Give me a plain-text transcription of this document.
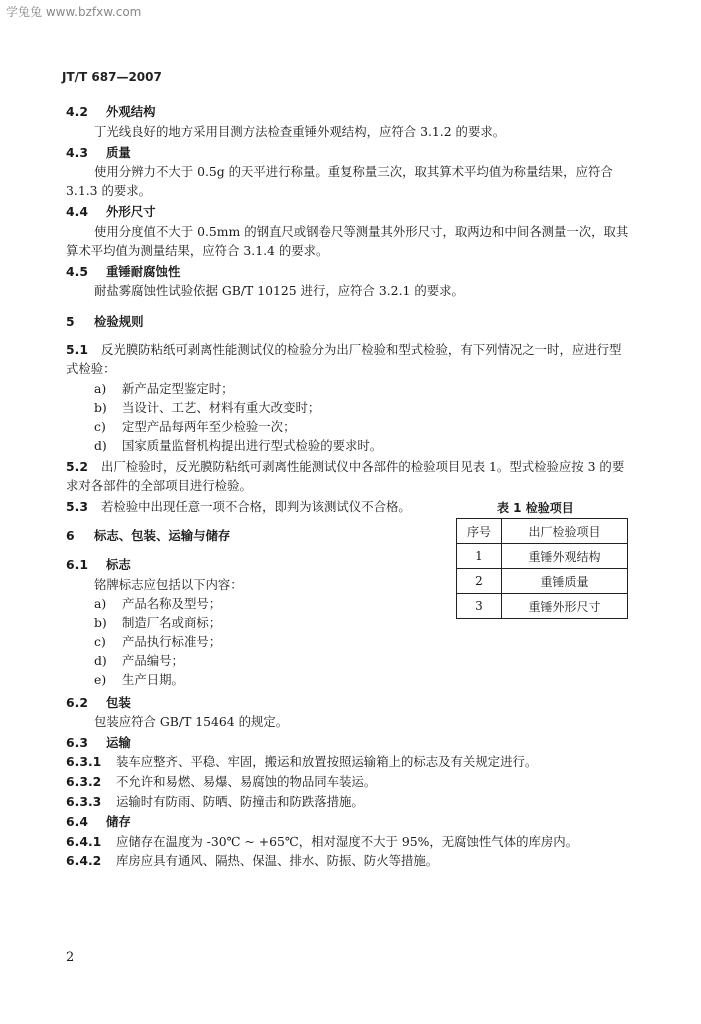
学兔兔 www.bzfxw.com
JT/T 687—2007
4.2 外观结构
丁光线良好的地方采用目测方法检查重锤外观结构，应符合 3.1.2 的要求。
4.3 质量
使用分辨力不大于 0.5g 的天平进行称量。重复称量三次，取其算术平均值为称量结果，应符合
3.1.3 的要求。
4.4 外形尺寸
使用分度值不大于 0.5mm 的钢直尺或钢卷尺等测量其外形尺寸，取两边和中间各测量一次，取其
算术平均值为测量结果，应符合 3.1.4 的要求。
4.5 重锤耐腐蚀性
耐盐雾腐蚀性试验依据 GB/T 10125 进行，应符合 3.2.1 的要求。
5 检验规则
5.1 反光膜防粘纸可剥离性能测试仪的检验分为出厂检验和型式检验，有下列情况之一时，应进行型
式检验：
a) 新产品定型鉴定时；
b) 当设计、工艺、材料有重大改变时；
c) 定型产品每两年至少检验一次；
d) 国家质量监督机构提出进行型式检验的要求时。
5.2 出厂检验时，反光膜防粘纸可剥离性能测试仪中各部件的检验项目见表 1。型式检验应按 3 的要
求对各部件的全部项目进行检验。
5.3 若检验中出现任意一项不合格，即判为该测试仪不合格。	表 1 检验项目
序号	出厂检验项目
1	重锤外观结构
2	重锤质量
3	重锤外形尺寸
6 标志、包装、运输与储存
6.1 标志
铭牌标志应包括以下内容：
a) 产品名称及型号；
b) 制造厂名或商标；
c) 产品执行标准号；
d) 产品编号；
e) 生产日期。
6.2 包装
包装应符合 GB/T 15464 的规定。
6.3 运输
6.3.1 装车应整齐、平稳、牢固，搬运和放置按照运输箱上的标志及有关规定进行。
6.3.2 不允许和易燃、易爆、易腐蚀的物品同车装运。
6.3.3 运输时有防雨、防晒、防撞击和防跌落措施。
6.4 储存
6.4.1 应储存在温度为 -30℃ ~ +65℃，相对湿度不大于 95%，无腐蚀性气体的库房内。
6.4.2 库房应具有通风、隔热、保温、排水、防振、防火等措施。
2
